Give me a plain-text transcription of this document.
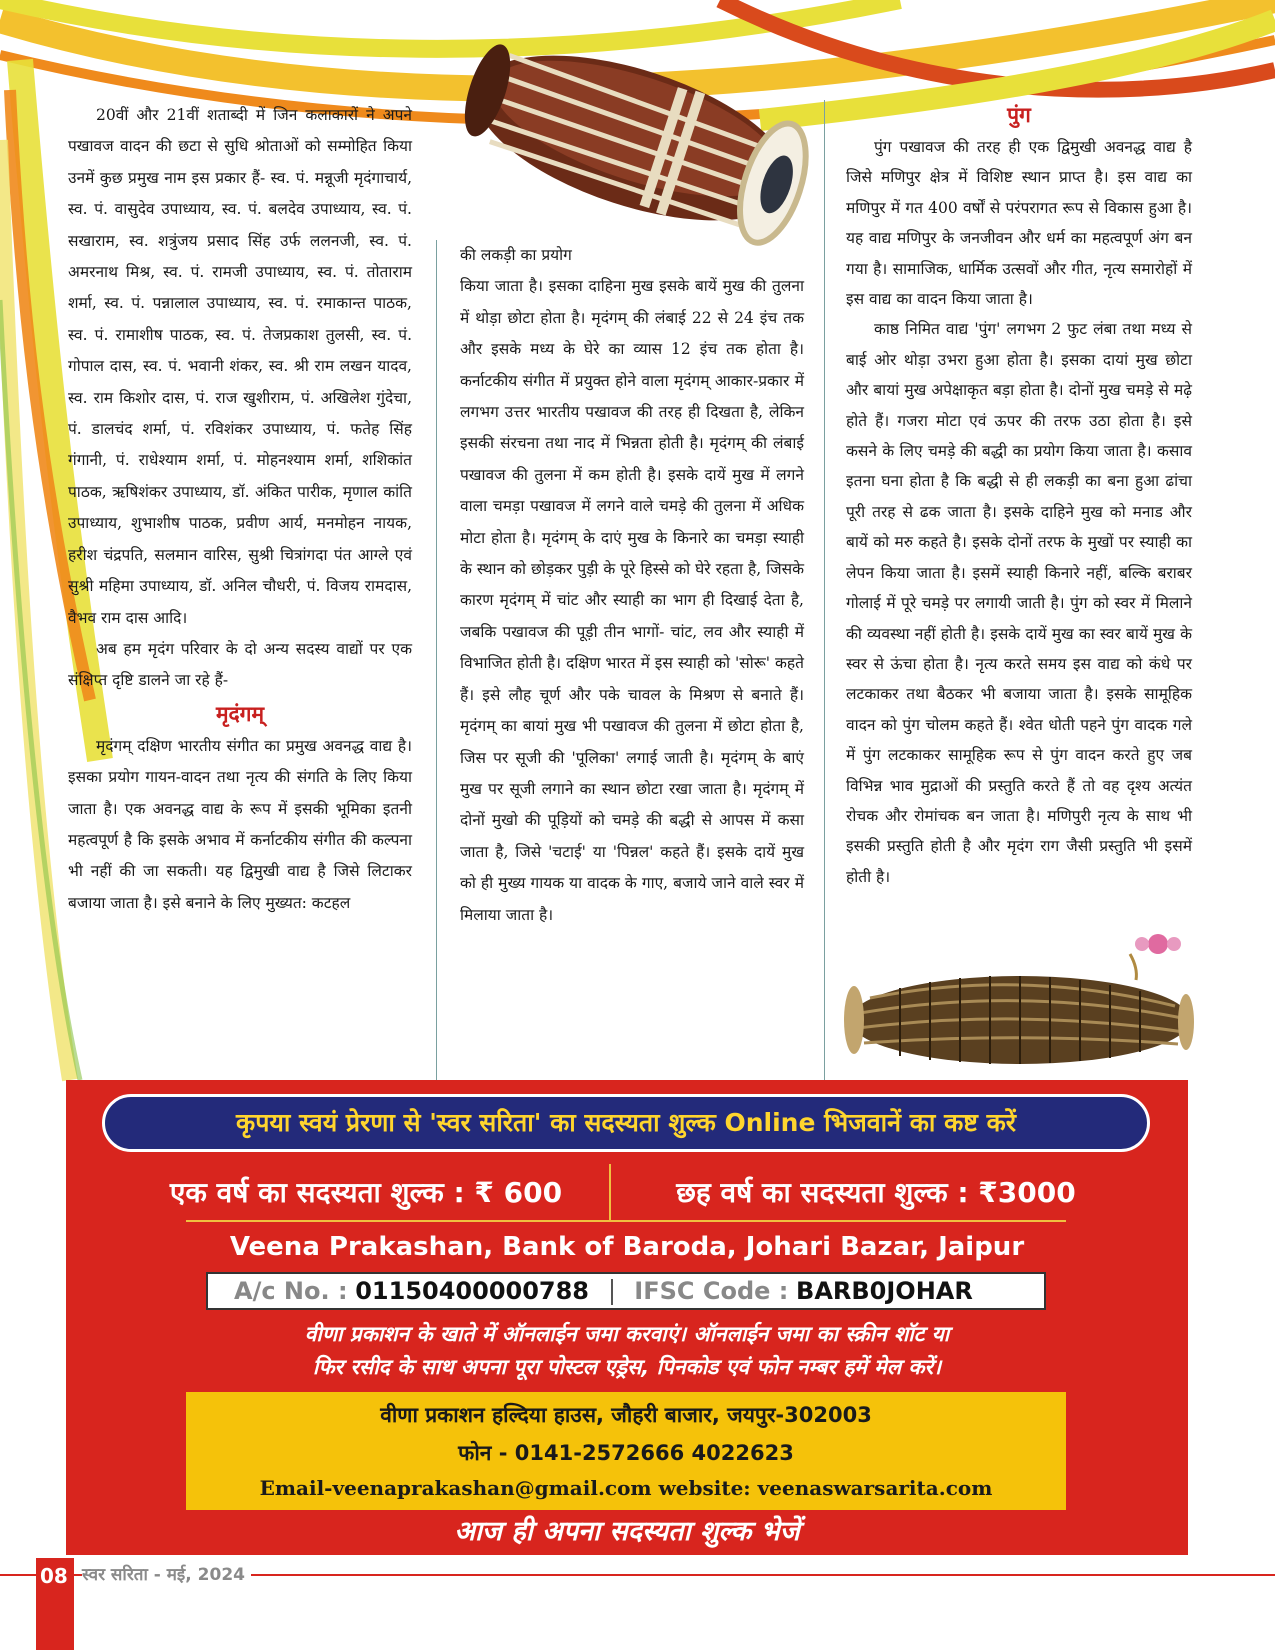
20वीं और 21वीं शताब्दी में जिन कलाकारों ने अपने पखावज वादन की छटा से सुधि श्रोताओं को सम्मोहित किया उनमें कुछ प्रमुख नाम इस प्रकार हैं- स्व. पं. मन्नूजी मृदंगाचार्य, स्व. पं. वासुदेव उपाध्याय, स्व. पं. बलदेव उपाध्याय, स्व. पं. सखाराम, स्व. शत्रुंजय प्रसाद सिंह उर्फ ललनजी, स्व. पं. अमरनाथ मिश्र, स्व. पं. रामजी उपाध्याय, स्व. पं. तोताराम शर्मा, स्व. पं. पन्नालाल उपाध्याय, स्व. पं. रमाकान्त पाठक, स्व. पं. रामाशीष पाठक, स्व. पं. तेजप्रकाश तुलसी, स्व. पं. गोपाल दास, स्व. पं. भवानी शंकर, स्व. श्री राम लखन यादव, स्व. राम किशोर दास, पं. राज खुशीराम, पं. अखिलेश गुंदेचा, पं. डालचंद शर्मा, पं. रविशंकर उपाध्याय, पं. फतेह सिंह गंगानी, पं. राधेश्याम शर्मा, पं. मोहनश्याम शर्मा, शशिकांत पाठक, ऋषिशंकर उपाध्याय, डॉ. अंकित पारीक, मृणाल कांति उपाध्याय, शुभाशीष पाठक, प्रवीण आर्य, मनमोहन नायक, हरीश चंद्रपति, सलमान वारिस, सुश्री चित्रांगदा पंत आग्ले एवं सुश्री महिमा उपाध्याय, डॉ. अनिल चौधरी, पं. विजय रामदास, वैभव राम दास आदि।

अब हम मृदंग परिवार के दो अन्य सदस्य वाद्यों पर एक संक्षिप्त दृष्टि डालने जा रहे हैं-

मृदंगम्

मृदंगम् दक्षिण भारतीय संगीत का प्रमुख अवनद्ध वाद्य है। इसका प्रयोग गायन-वादन तथा नृत्य की संगति के लिए किया जाता है। एक अवनद्ध वाद्य के रूप में इसकी भूमिका इतनी महत्वपूर्ण है कि इसके अभाव में कर्नाटकीय संगीत की कल्पना भी नहीं की जा सकती। यह द्विमुखी वाद्य है जिसे लिटाकर बजाया जाता है। इसे बनाने के लिए मुख्यत: कटहल

की लकड़ी का प्रयोग

किया जाता है। इसका दाहिना मुख इसके बायें मुख की तुलना में थोड़ा छोटा होता है। मृदंगम् की लंबाई 22 से 24 इंच तक और इसके मध्य के घेरे का व्यास 12 इंच तक होता है। कर्नाटकीय संगीत में प्रयुक्त होने वाला मृदंगम् आकार-प्रकार में लगभग उत्तर भारतीय पखावज की तरह ही दिखता है, लेकिन इसकी संरचना तथा नाद में भिन्नता होती है। मृदंगम् की लंबाई पखावज की तुलना में कम होती है। इसके दायें मुख में लगने वाला चमड़ा पखावज में लगने वाले चमड़े की तुलना में अधिक मोटा होता है। मृदंगम् के दाएं मुख के किनारे का चमड़ा स्याही के स्थान को छोड़कर पुड़ी के पूरे हिस्से को घेरे रहता है, जिसके कारण मृदंगम् में चांट और स्याही का भाग ही दिखाई देता है, जबकि पखावज की पूड़ी तीन भागों- चांट, लव और स्याही में विभाजित होती है। दक्षिण भारत में इस स्याही को 'सोरू' कहते हैं। इसे लौह चूर्ण और पके चावल के मिश्रण से बनाते हैं। मृदंगम् का बायां मुख भी पखावज की तुलना में छोटा होता है, जिस पर सूजी की 'पूलिका' लगाई जाती है। मृदंगम् के बाएं मुख पर सूजी लगाने का स्थान छोटा रखा जाता है। मृदंगम् में दोनों मुखो की पूड़ियों को चमड़े की बद्धी से आपस में कसा जाता है, जिसे 'चटाई' या 'पिन्नल' कहते हैं। इसके दायें मुख को ही मुख्य गायक या वादक के गाए, बजाये जाने वाले स्वर में मिलाया जाता है।

पुंग

पुंग पखावज की तरह ही एक द्विमुखी अवनद्ध वाद्य है जिसे मणिपुर क्षेत्र में विशिष्ट स्थान प्राप्त है। इस वाद्य का मणिपुर में गत 400 वर्षों से परंपरागत रूप से विकास हुआ है। यह वाद्य मणिपुर के जनजीवन और धर्म का महत्वपूर्ण अंग बन गया है। सामाजिक, धार्मिक उत्सवों और गीत, नृत्य समारोहों में इस वाद्य का वादन किया जाता है।

काष्ठ निमित वाद्य 'पुंग' लगभग 2 फुट लंबा तथा मध्य से बाई ओर थोड़ा उभरा हुआ होता है। इसका दायां मुख छोटा और बायां मुख अपेक्षाकृत बड़ा होता है। दोनों मुख चमड़े से मढ़े होते हैं। गजरा मोटा एवं ऊपर की तरफ उठा होता है। इसे कसने के लिए चमड़े की बद्धी का प्रयोग किया जाता है। कसाव इतना घना होता है कि बद्धी से ही लकड़ी का बना हुआ ढांचा पूरी तरह से ढक जाता है। इसके दाहिने मुख को मनाड और बायें को मरु कहते है। इसके दोनों तरफ के मुखों पर स्याही का लेपन किया जाता है। इसमें स्याही किनारे नहीं, बल्कि बराबर गोलाई में पूरे चमड़े पर लगायी जाती है। पुंग को स्वर में मिलाने की व्यवस्था नहीं होती है। इसके दायें मुख का स्वर बायें मुख के स्वर से ऊंचा होता है। नृत्य करते समय इस वाद्य को कंधे पर लटकाकर तथा बैठकर भी बजाया जाता है। इसके सामूहिक वादन को पुंग चोलम कहते हैं। श्वेत धोती पहने पुंग वादक गले में पुंग लटकाकर सामूहिक रूप से पुंग वादन करते हुए जब विभिन्न भाव मुद्राओं की प्रस्तुति करते हैं तो वह दृश्य अत्यंत रोचक और रोमांचक बन जाता है। मणिपुरी नृत्य के साथ भी इसकी प्रस्तुति होती है और मृदंग राग जैसी प्रस्तुति भी इसमें होती है।

कृपया स्वयं प्रेरणा से 'स्वर सरिता' का सदस्यता शुल्क Online भिजवानें का कष्ट करें
एक वर्ष का सदस्यता शुल्क : ₹ 600	छह वर्ष का सदस्यता शुल्क : ₹3000
Veena Prakashan, Bank of Baroda, Johari Bazar, Jaipur
A/c No. : 01150400000788 IFSC Code : BARB0JOHAR
वीणा प्रकाशन के खाते में ऑनलाईन जमा करवाएं। ऑनलाईन जमा का स्क्रीन शॉट या
फिर रसीद के साथ अपना पूरा पोस्टल एड्रेस, पिनकोड एवं फोन नम्बर हमें मेल करें।
वीणा प्रकाशन हल्दिया हाउस, जौहरी बाजार, जयपुर-302003
फोन - 0141-2572666 4022623
Email-veenaprakashan@gmail.com website: veenaswarsarita.com
आज ही अपना सदस्यता शुल्क भेजें
08 स्वर सरिता - मई, 2024
